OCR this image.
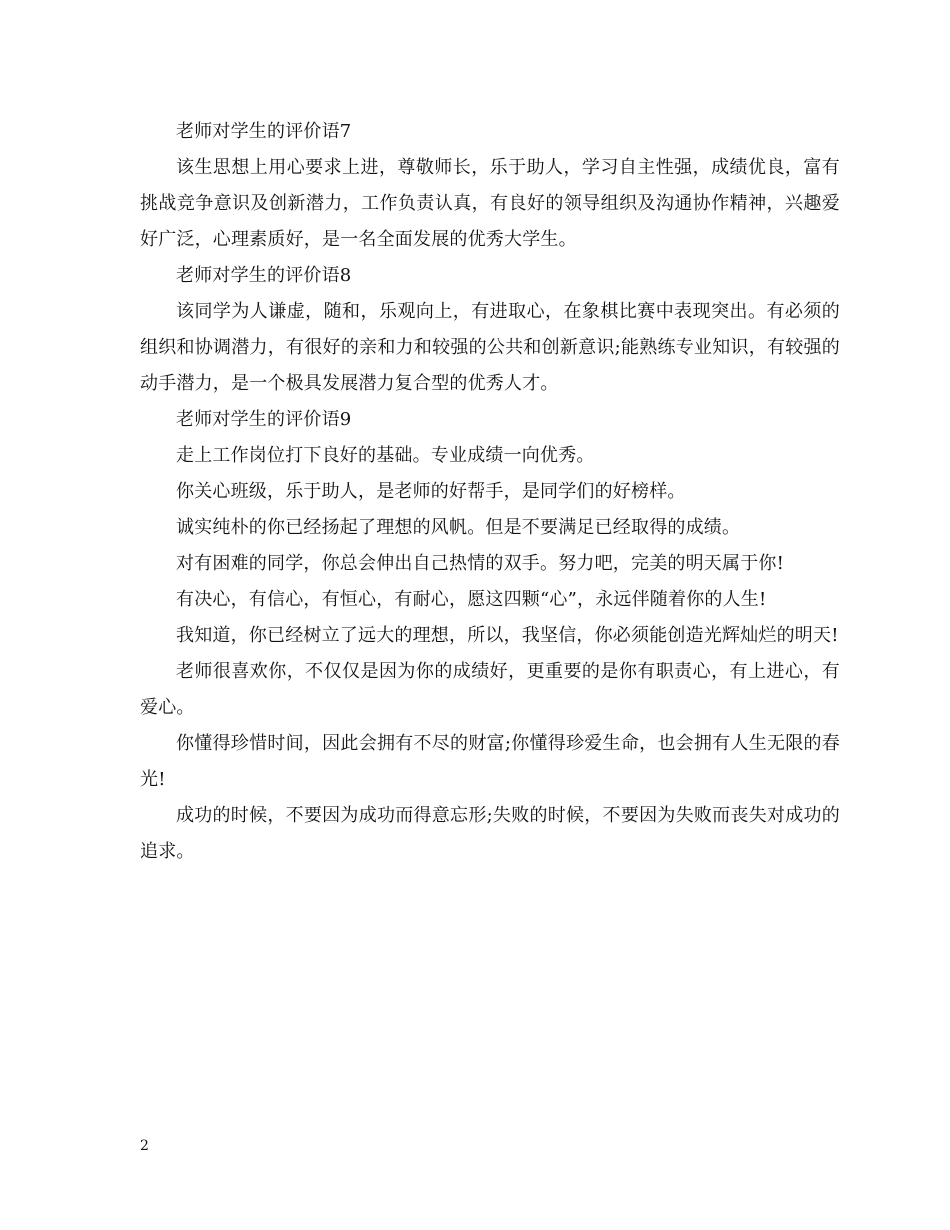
老师对学生的评价语7

该生思想上用心要求上进，尊敬师长，乐于助人，学习自主性强，成绩优良，富有挑战竞争意识及创新潜力，工作负责认真，有良好的领导组织及沟通协作精神，兴趣爱好广泛，心理素质好，是一名全面发展的优秀大学生。

老师对学生的评价语8

该同学为人谦虚，随和，乐观向上，有进取心，在象棋比赛中表现突出。有必须的组织和协调潜力，有很好的亲和力和较强的公共和创新意识;能熟练专业知识，有较强的动手潜力，是一个极具发展潜力复合型的优秀人才。

老师对学生的评价语9

走上工作岗位打下良好的基础。专业成绩一向优秀。

你关心班级，乐于助人，是老师的好帮手，是同学们的好榜样。

诚实纯朴的你已经扬起了理想的风帆。但是不要满足已经取得的成绩。

对有困难的同学，你总会伸出自己热情的双手。努力吧，完美的明天属于你!

有决心，有信心，有恒心，有耐心，愿这四颗“心”，永远伴随着你的人生!

我知道，你已经树立了远大的理想，所以，我坚信，你必须能创造光辉灿烂的明天!

老师很喜欢你，不仅仅是因为你的成绩好，更重要的是你有职责心，有上进心，有爱心。

你懂得珍惜时间，因此会拥有不尽的财富;你懂得珍爱生命，也会拥有人生无限的春光!

成功的时候，不要因为成功而得意忘形;失败的时候，不要因为失败而丧失对成功的追求。

2
